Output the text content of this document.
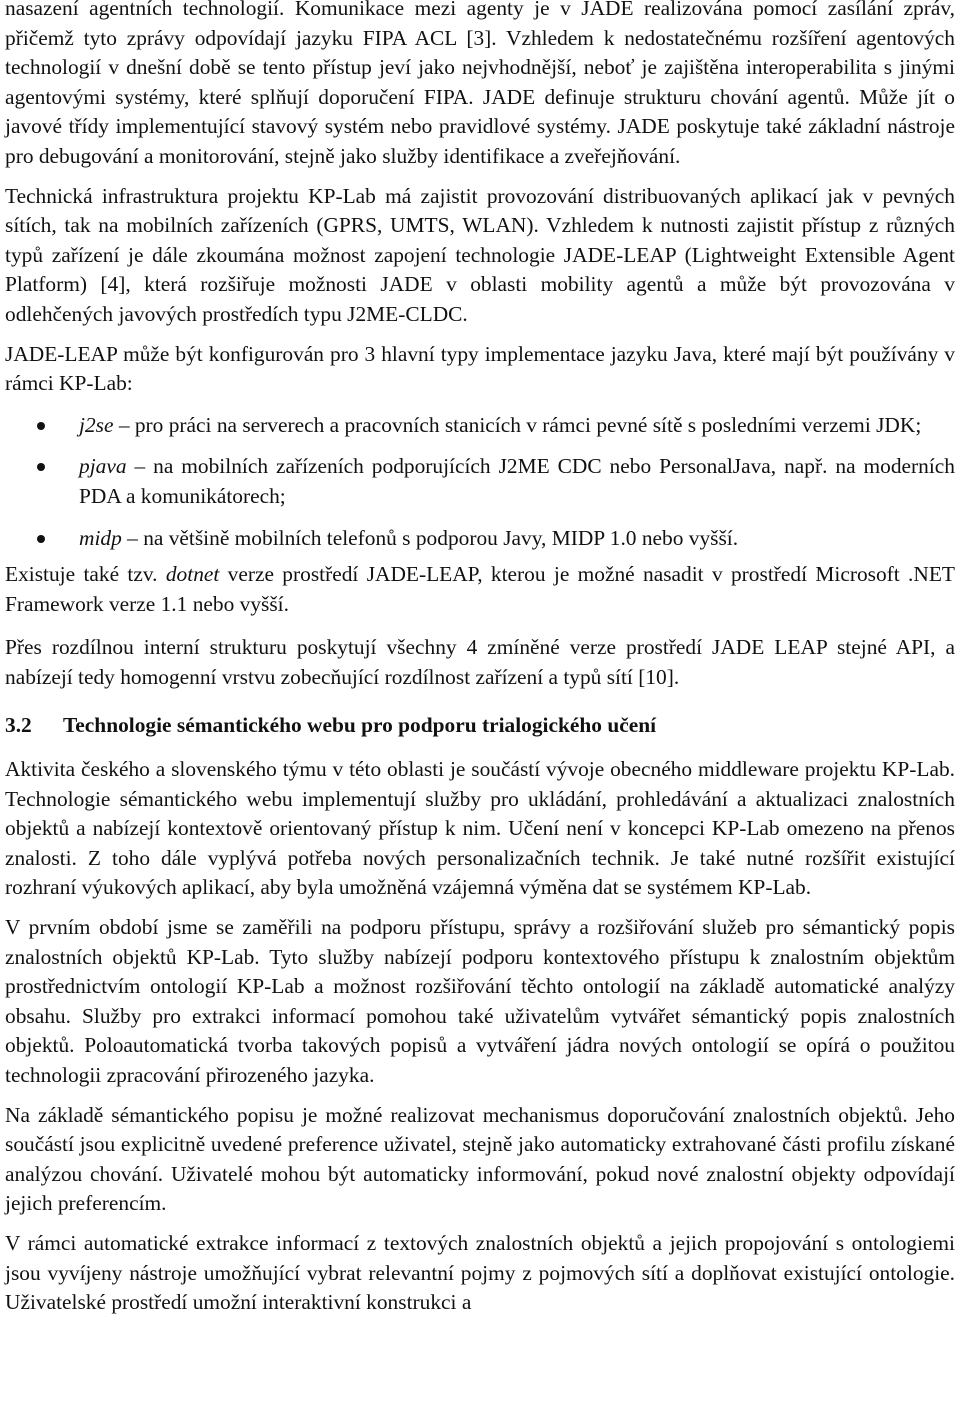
nasazení agentních technologií. Komunikace mezi agenty je v JADE realizována pomocí zasílání zpráv, přičemž tyto zprávy odpovídají jazyku FIPA ACL [3]. Vzhledem k nedostatečnému rozšíření agentových technologií v dnešní době se tento přístup jeví jako nejvhodnější, neboť je zajištěna interoperabilita s jinými agentovými systémy, které splňují doporučení FIPA. JADE definuje strukturu chování agentů. Může jít o javové třídy implementující stavový systém nebo pravidlové systémy. JADE poskytuje také základní nástroje pro debugování a monitorování, stejně jako služby identifikace a zveřejňování.

Technická infrastruktura projektu KP-Lab má zajistit provozování distribuovaných aplikací jak v pevných sítích, tak na mobilních zařízeních (GPRS, UMTS, WLAN). Vzhledem k nutnosti zajistit přístup z různých typů zařízení je dále zkoumána možnost zapojení technologie JADE-LEAP (Lightweight Extensible Agent Platform) [4], která rozšiřuje možnosti JADE v oblasti mobility agentů a může být provozována v odlehčených javových prostředích typu J2ME-CLDC.

JADE-LEAP může být konfigurován pro 3 hlavní typy implementace jazyku Java, které mají být používány v rámci KP-Lab:

j2se – pro práci na serverech a pracovních stanicích v rámci pevné sítě s posledními verzemi JDK;
pjava – na mobilních zařízeních podporujících J2ME CDC nebo PersonalJava, např. na moderních PDA a komunikátorech;
midp – na většině mobilních telefonů s podporou Javy, MIDP 1.0 nebo vyšší.

Existuje také tzv. dotnet verze prostředí JADE-LEAP, kterou je možné nasadit v prostředí Microsoft .NET Framework verze 1.1 nebo vyšší.

Přes rozdílnou interní strukturu poskytují všechny 4 zmíněné verze prostředí JADE LEAP stejné API, a nabízejí tedy homogenní vrstvu zobecňující rozdílnost zařízení a typů sítí [10].

3.2	Technologie sémantického webu pro podporu trialogického učení

Aktivita českého a slovenského týmu v této oblasti je součástí vývoje obecného middleware projektu KP-Lab. Technologie sémantického webu implementují služby pro ukládání, prohledávání a aktualizaci znalostních objektů a nabízejí kontextově orientovaný přístup k nim. Učení není v koncepci KP-Lab omezeno na přenos znalosti. Z toho dále vyplývá potřeba nových personalizačních technik. Je také nutné rozšířit existující rozhraní výukových aplikací, aby byla umožněná vzájemná výměna dat se systémem KP-Lab.

V prvním období jsme se zaměřili na podporu přístupu, správy a rozšiřování služeb pro sémantický popis znalostních objektů KP-Lab. Tyto služby nabízejí podporu kontextového přístupu k znalostním objektům prostřednictvím ontologií KP-Lab a možnost rozšiřování těchto ontologií na základě automatické analýzy obsahu. Služby pro extrakci informací pomohou také uživatelům vytvářet sémantický popis znalostních objektů. Poloautomatická tvorba takových popisů a vytváření jádra nových ontologií se opírá o použitou technologii zpracování přirozeného jazyka.

Na základě sémantického popisu je možné realizovat mechanismus doporučování znalostních objektů. Jeho součástí jsou explicitně uvedené preference uživatel, stejně jako automaticky extrahované části profilu získané analýzou chování. Uživatelé mohou být automaticky informování, pokud nové znalostní objekty odpovídají jejich preferencím.

V rámci automatické extrakce informací z textových znalostních objektů a jejich propojování s ontologiemi jsou vyvíjeny nástroje umožňující vybrat relevantní pojmy z pojmových sítí a doplňovat existující ontologie. Uživatelské prostředí umožní interaktivní konstrukci a
